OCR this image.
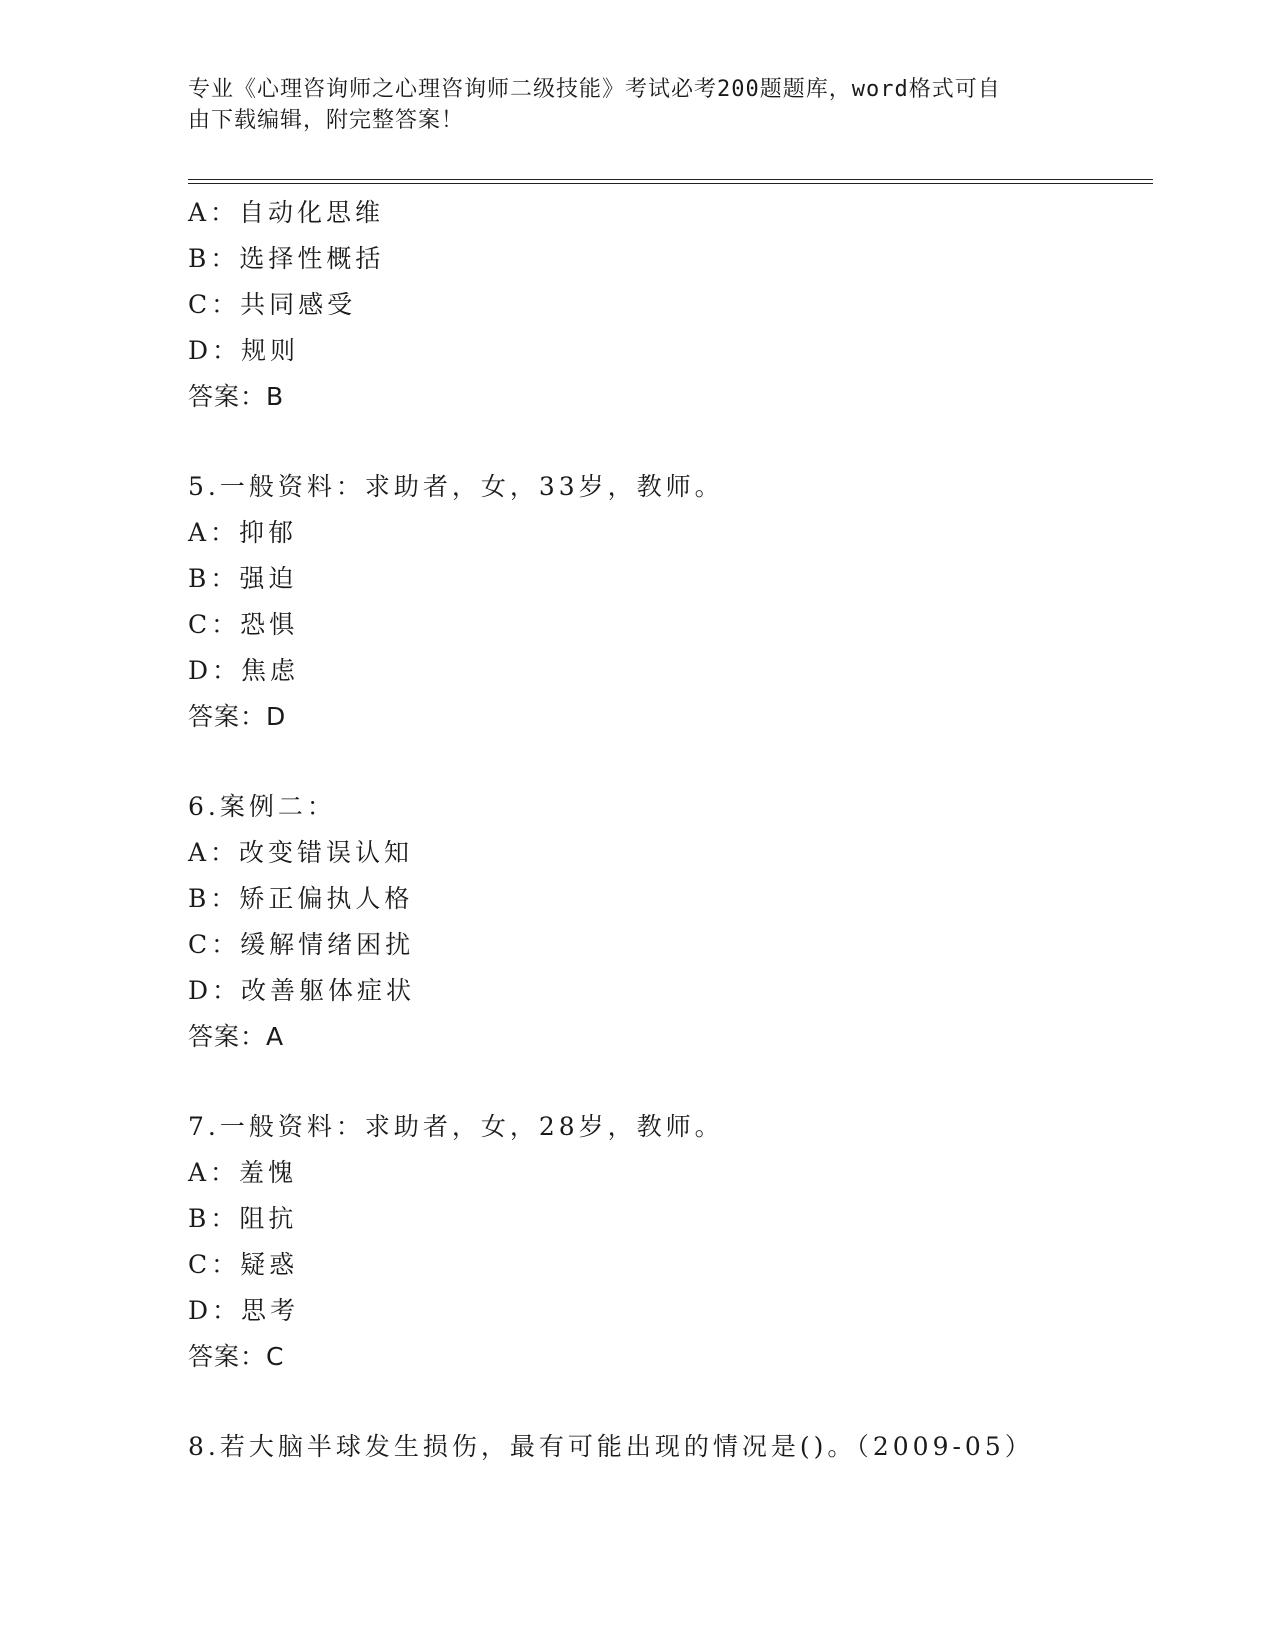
专业《心理咨询师之心理咨询师二级技能》考试必考200题题库，word格式可自
由下载编辑，附完整答案！
A：自动化思维
B：选择性概括
C：共同感受
D：规则
答案：B
5.一般资料：求助者，女，33岁，教师。
A：抑郁
B：强迫
C：恐惧
D：焦虑
答案：D
6.案例二：
A：改变错误认知
B：矫正偏执人格
C：缓解情绪困扰
D：改善躯体症状
答案：A
7.一般资料：求助者，女，28岁，教师。
A：羞愧
B：阻抗
C：疑惑
D：思考
答案：C
8.若大脑半球发生损伤，最有可能出现的情况是()。（2009-05）
